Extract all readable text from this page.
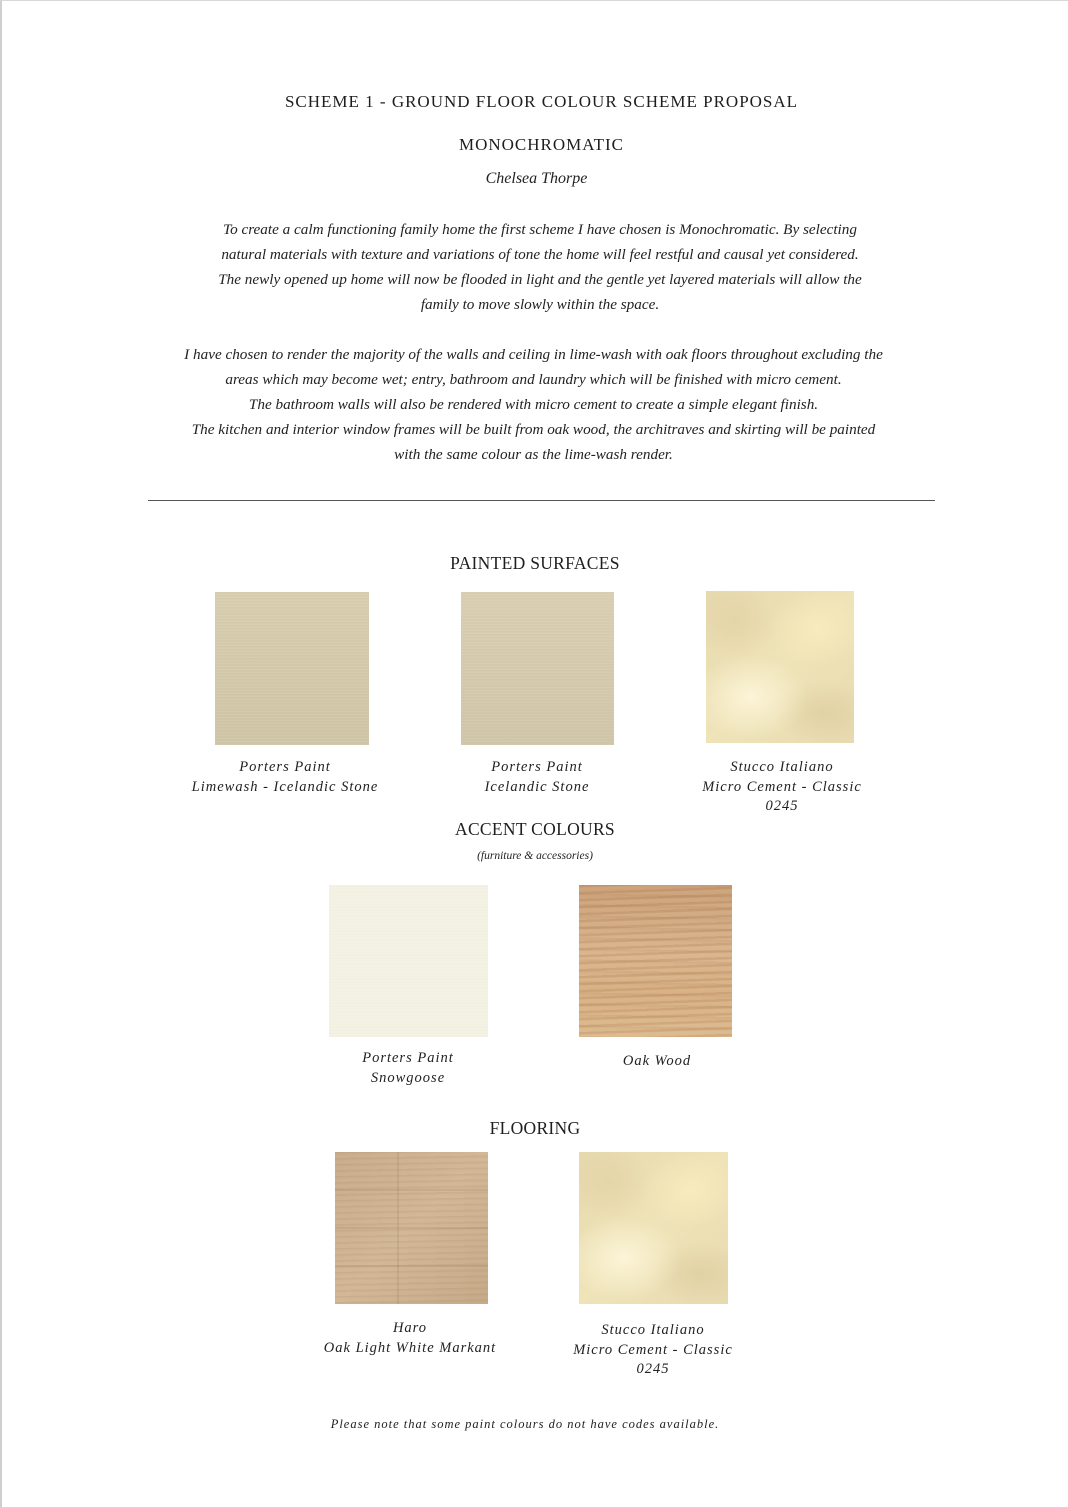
SCHEME 1 - GROUND FLOOR COLOUR SCHEME PROPOSAL
MONOCHROMATIC
Chelsea Thorpe

To create a calm functioning family home the first scheme I have chosen is Monochromatic. By selecting

natural materials with texture and variations of tone the home will feel restful and causal yet considered.

The newly opened up home will now be flooded in light and the gentle yet layered materials will allow the

family to move slowly within the space.

I have chosen to render the majority of the walls and ceiling in lime-wash with oak floors throughout excluding the

areas which may become wet; entry, bathroom and laundry which will be finished with micro cement.

The bathroom walls will also be rendered with micro cement to create a simple elegant finish.

The kitchen and interior window frames will be built from oak wood, the architraves and skirting will be painted

with the same colour as the lime-wash render.

PAINTED SURFACES
Porters Paint
Limewash - Icelandic Stone
Porters Paint
Icelandic Stone
Stucco Italiano
Micro Cement - Classic
0245
ACCENT COLOURS
(furniture & accessories)
Porters Paint
Snowgoose
Oak Wood
FLOORING
Haro
Oak Light White Markant
Stucco Italiano
Micro Cement - Classic
0245
Please note that some paint colours do not have codes available.
